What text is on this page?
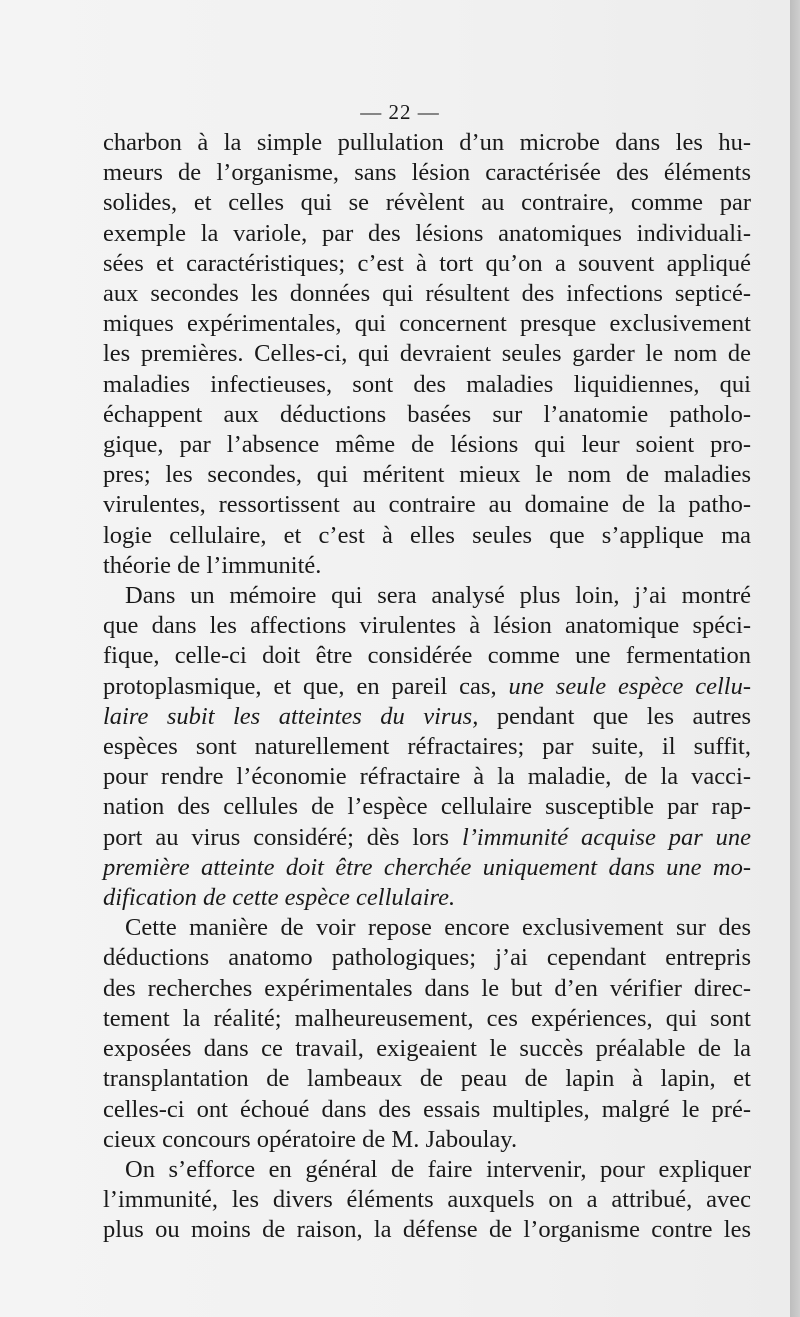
— 22 —

charbon à la simple pullulation d’un microbe dans les hu-
meurs de l’organisme, sans lésion caractérisée des éléments
solides, et celles qui se révèlent au contraire, comme par
exemple la variole, par des lésions anatomiques individuali-
sées et caractéristiques; c’est à tort qu’on a souvent appliqué
aux secondes les données qui résultent des infections septicé-
miques expérimentales, qui concernent presque exclusivement
les premières. Celles-ci, qui devraient seules garder le nom de
maladies infectieuses, sont des maladies liquidiennes, qui
échappent aux déductions basées sur l’anatomie patholo-
gique, par l’absence même de lésions qui leur soient pro-
pres; les secondes, qui méritent mieux le nom de maladies
virulentes, ressortissent au contraire au domaine de la patho-
logie cellulaire, et c’est à elles seules que s’applique ma
théorie de l’immunité.

Dans un mémoire qui sera analysé plus loin, j’ai montré
que dans les affections virulentes à lésion anatomique spéci-
fique, celle-ci doit être considérée comme une fermentation
protoplasmique, et que, en pareil cas, une seule espèce cellu-
laire subit les atteintes du virus, pendant que les autres
espèces sont naturellement réfractaires; par suite, il suffit,
pour rendre l’économie réfractaire à la maladie, de la vacci-
nation des cellules de l’espèce cellulaire susceptible par rap-
port au virus considéré; dès lors l’immunité acquise par une
première atteinte doit être cherchée uniquement dans une mo-
dification de cette espèce cellulaire.

Cette manière de voir repose encore exclusivement sur des
déductions anatomo pathologiques; j’ai cependant entrepris
des recherches expérimentales dans le but d’en vérifier direc-
tement la réalité; malheureusement, ces expériences, qui sont
exposées dans ce travail, exigeaient le succès préalable de la
transplantation de lambeaux de peau de lapin à lapin, et
celles-ci ont échoué dans des essais multiples, malgré le pré-
cieux concours opératoire de M. Jaboulay.

On s’efforce en général de faire intervenir, pour expliquer
l’immunité, les divers éléments auxquels on a attribué, avec
plus ou moins de raison, la défense de l’organisme contre les
